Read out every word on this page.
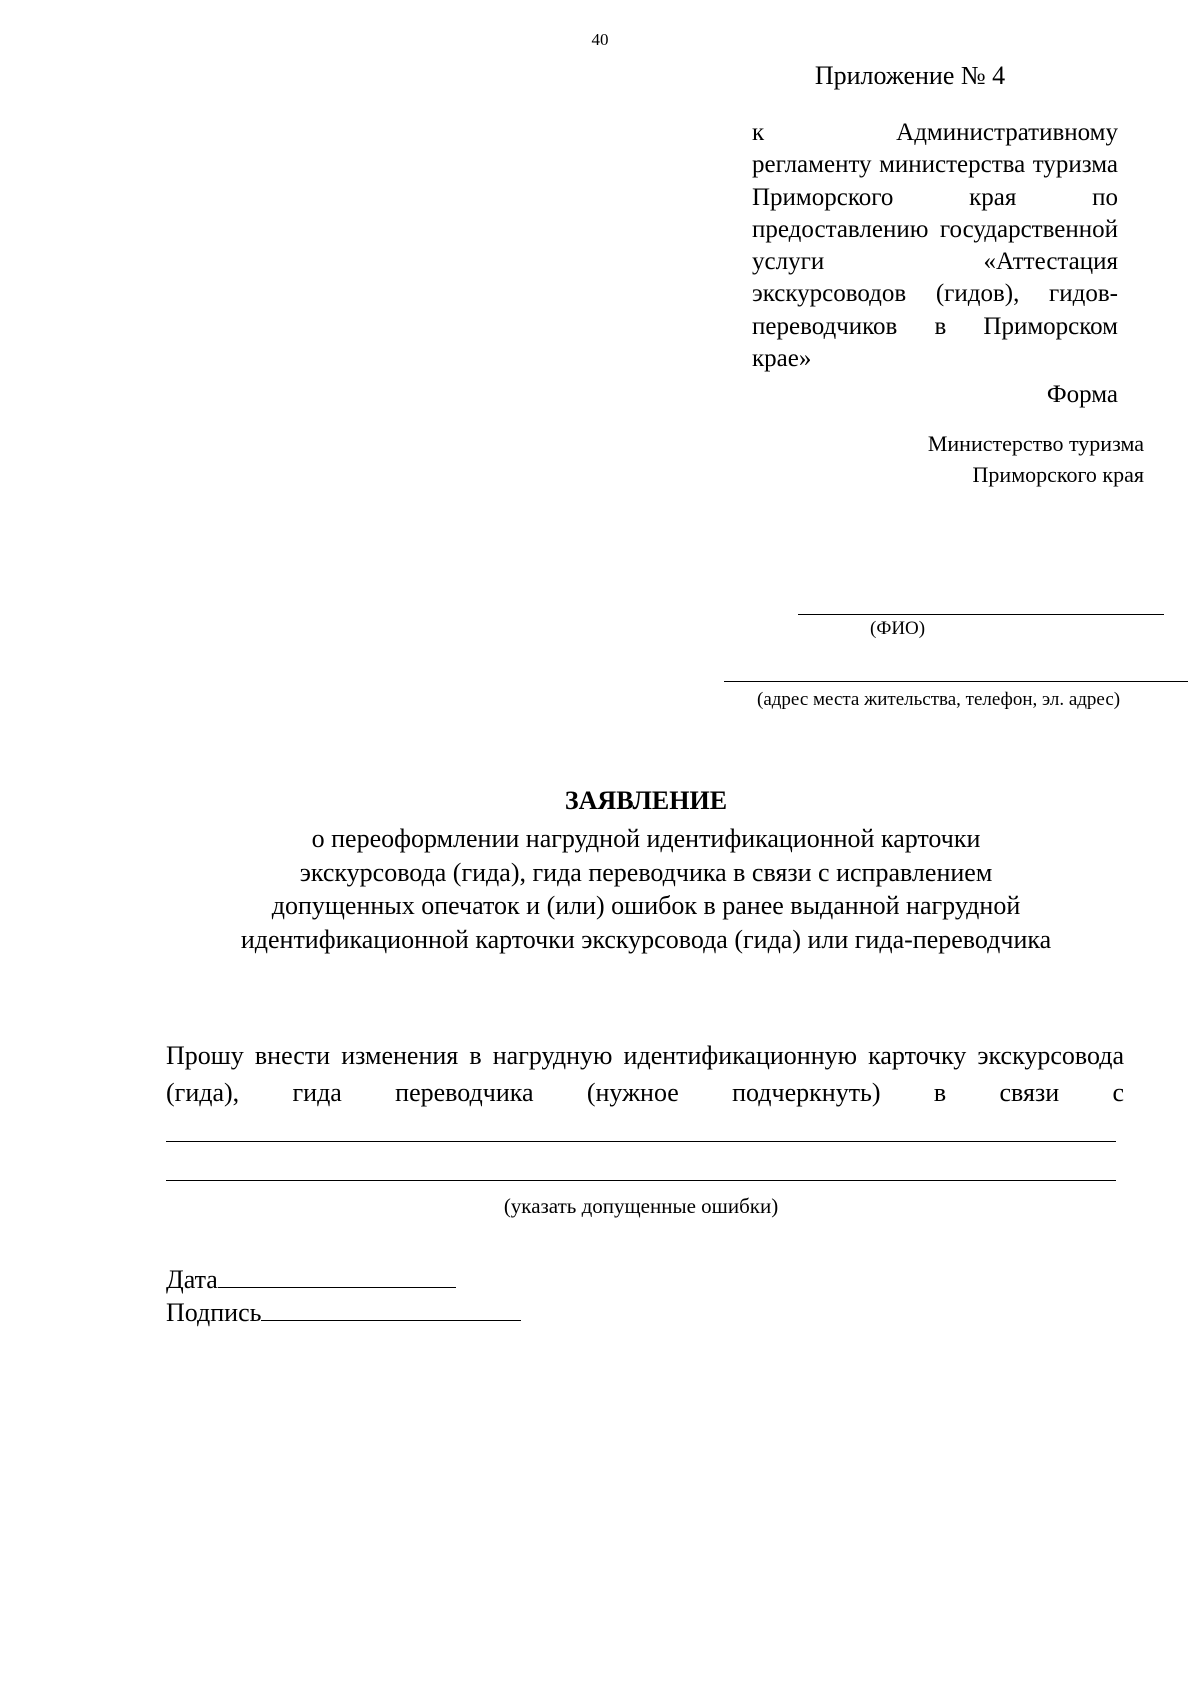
40
Приложение № 4
к Административному регламенту министерства туризма Приморского края по предоставлению государственной услуги «Аттестация экскурсоводов (гидов), гидов-переводчиков в Приморском крае»
Форма
Министерство туризма
Приморского края
(ФИО)
(адрес места жительства, телефон, эл. адрес)
ЗАЯВЛЕНИЕ
о переоформлении нагрудной идентификационной карточки
экскурсовода (гида), гида переводчика в связи с исправлением
допущенных опечаток и (или) ошибок в ранее выданной нагрудной
идентификационной карточки экскурсовода (гида) или гида-переводчика
Прошу внести изменения в нагрудную идентификационную карточку экскурсовода (гида), гида переводчика (нужное подчеркнуть) в связи с
(указать допущенные ошибки)
Дата
Подпись
